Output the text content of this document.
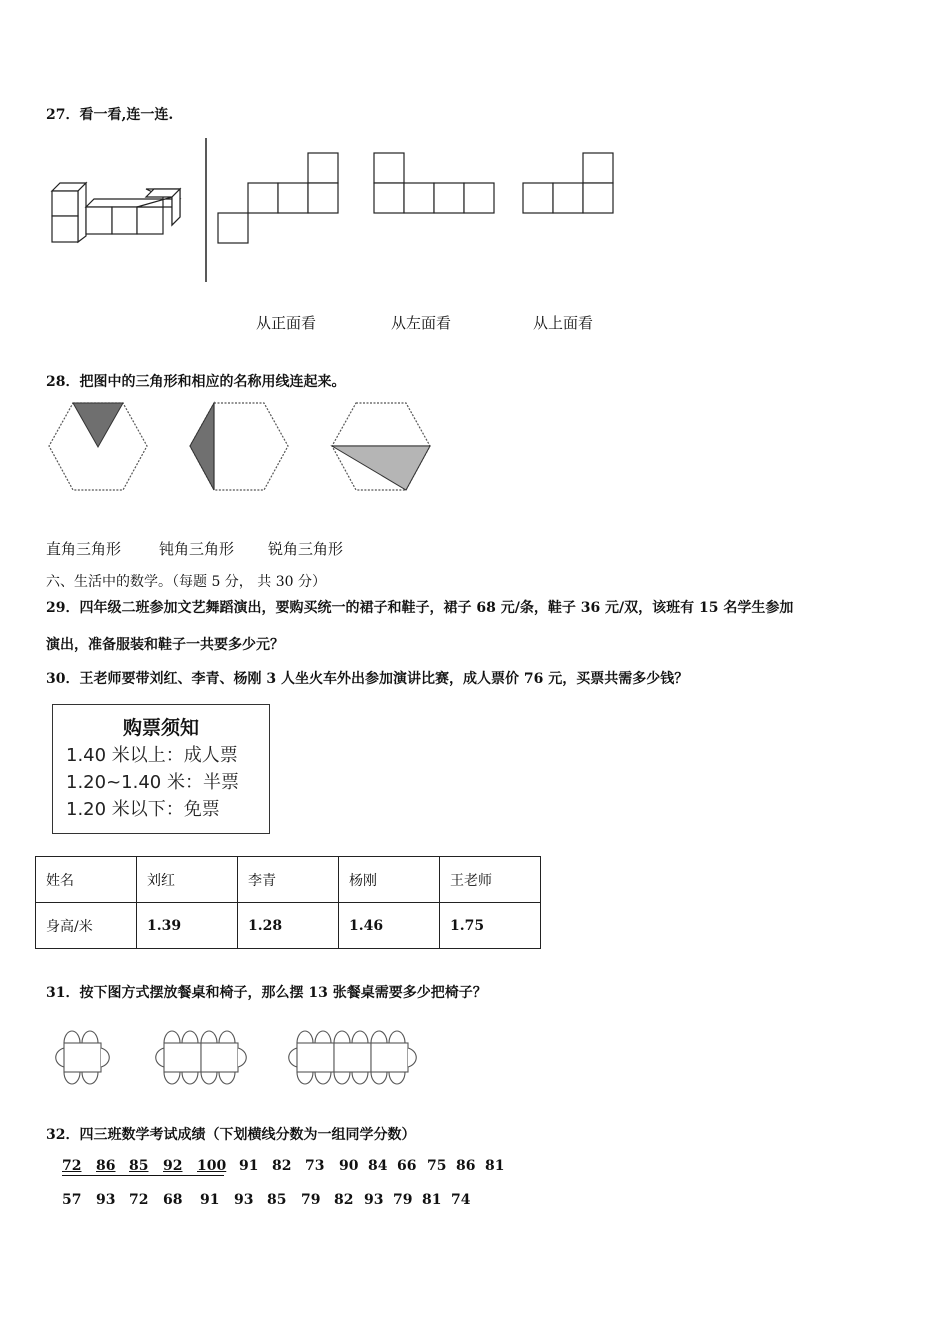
27．看一看,连一连.
从正面看	从左面看	从上面看
28．把图中的三角形和相应的名称用线连起来。
直角三角形	钝角三角形 锐角三角形
六、生活中的数学。（每题 5 分， 共 30 分）
29．四年级二班参加文艺舞蹈演出，要购买统一的裙子和鞋子，裙子 68 元/条，鞋子 36 元/双，该班有 15 名学生参加
演出，准备服装和鞋子一共要多少元？
30．王老师要带刘红、李青、杨刚 3 人坐火车外出参加演讲比赛，成人票价 76 元，买票共需多少钱？
购票须知
1.40 米以上：成人票
1.20~1.40 米：半票
1.20 米以下：免票
姓名	刘红	李青	杨刚	王老师
身高/米	1.39	1.28	1.46	1.75
31．按下图方式摆放餐桌和椅子，那么摆 13 张餐桌需要多少把椅子？
32．四三班数学考试成绩（下划横线分数为一组同学分数）
72 86 85 92 100 91 82 73 90 84 66 75 86 81
57 93 72 68 91 93 85 79 82 93 79 81 74
